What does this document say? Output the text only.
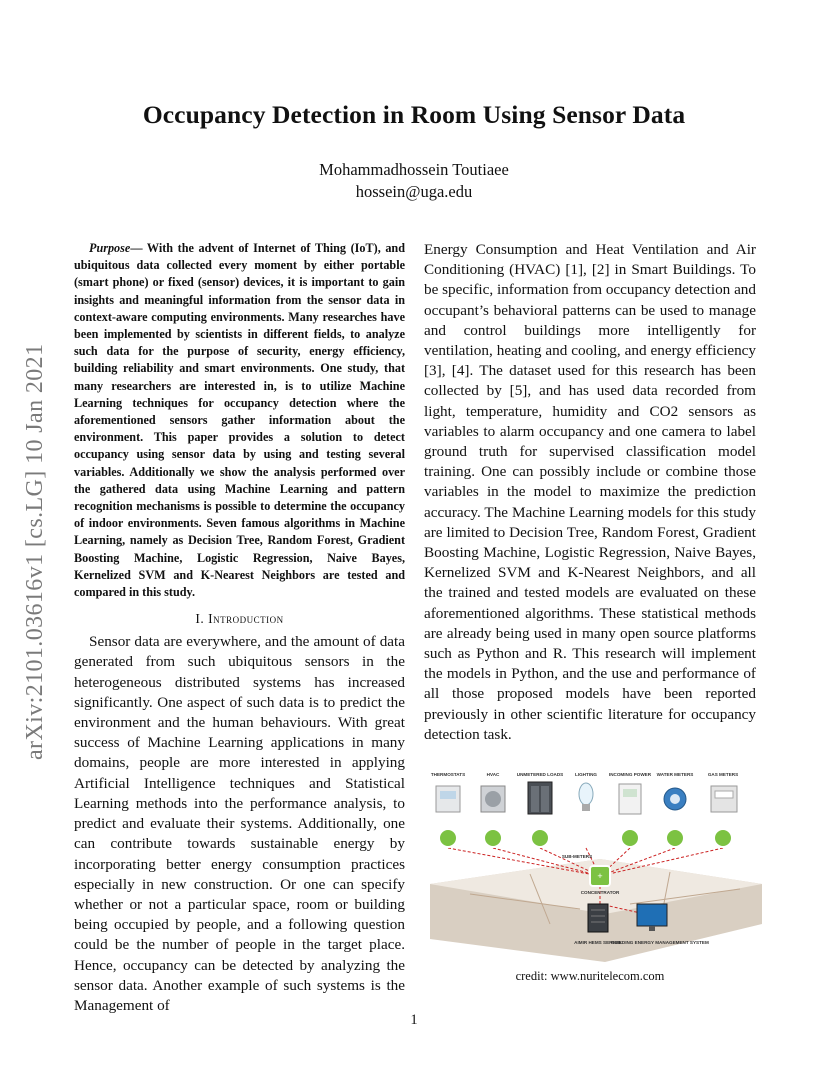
Occupancy Detection in Room Using Sensor Data
Mohammadhossein Toutiaee
hossein@uga.edu
arXiv:2101.03616v1 [cs.LG] 10 Jan 2021

Purpose— With the advent of Internet of Thing (IoT), and ubiquitous data collected every moment by either portable (smart phone) or fixed (sensor) devices, it is important to gain insights and meaningful information from the sensor data in context-aware computing environments. Many researches have been implemented by scientists in different fields, to analyze such data for the purpose of security, energy efficiency, building reliability and smart environments. One study, that many researchers are interested in, is to utilize Machine Learning techniques for occupancy detection where the aforementioned sensors gather information about the environment. This paper provides a solution to detect occupancy using sensor data by using and testing several variables. Additionally we show the analysis performed over the gathered data using Machine Learning and pattern recognition mechanisms is possible to determine the occupancy of indoor environments. Seven famous algorithms in Machine Learning, namely as Decision Tree, Random Forest, Gradient Boosting Machine, Logistic Regression, Naive Bayes, Kernelized SVM and K-Nearest Neighbors are tested and compared in this study.

I. Introduction

Sensor data are everywhere, and the amount of data generated from such ubiquitous sensors in the heterogeneous distributed systems has increased significantly. One aspect of such data is to predict the environment and the human behaviours. With great success of Machine Learning applications in many domains, people are more interested in applying Artificial Intelligence techniques and Statistical Learning methods into the performance analysis, to predict and evaluate their systems. Additionally, one can contribute towards sustainable energy by incorporating better energy consumption practices especially in new construction. Or one can specify whether or not a particular space, room or building being occupied by people, and a following question could be the number of people in the target place. Hence, occupancy can be detected by analyzing the sensor data. Another example of such systems is the Management of

Energy Consumption and Heat Ventilation and Air Conditioning (HVAC) [1], [2] in Smart Buildings. To be specific, information from occupancy detection and occupant’s behavioral patterns can be used to manage and control buildings more intelligently for ventilation, heating and cooling, and energy efficiency [3], [4]. The dataset used for this research has been collected by [5], and has used data recorded from light, temperature, humidity and CO2 sensors as variables to alarm occupancy and one camera to label ground truth for supervised classification model training. One can possibly include or combine those variables in the model to maximize the prediction accuracy. The Machine Learning models for this study are limited to Decision Tree, Random Forest, Gradient Boosting Machine, Logistic Regression, Naive Bayes, Kernelized SVM and K-Nearest Neighbors, and all the trained and tested models are evaluated on these aforementioned algorithms. These statistical methods are already being used in many open source platforms such as Python and R. This research will implement the models in Python, and the use and performance of all those proposed models have been reported previously in other scientific literature for occupancy detection task.

+
THERMOSTATS	HVAC	UNMETERED LOADS	LIGHTING	INCOMING POWER WATER METERS	GAS METERS
SUB-METERS
CONCENTRATOR
AIMIR HEMS SERVER
BUILDING ENERGY MANAGEMENT SYSTEM
credit: www.nuritelecom.com
1
